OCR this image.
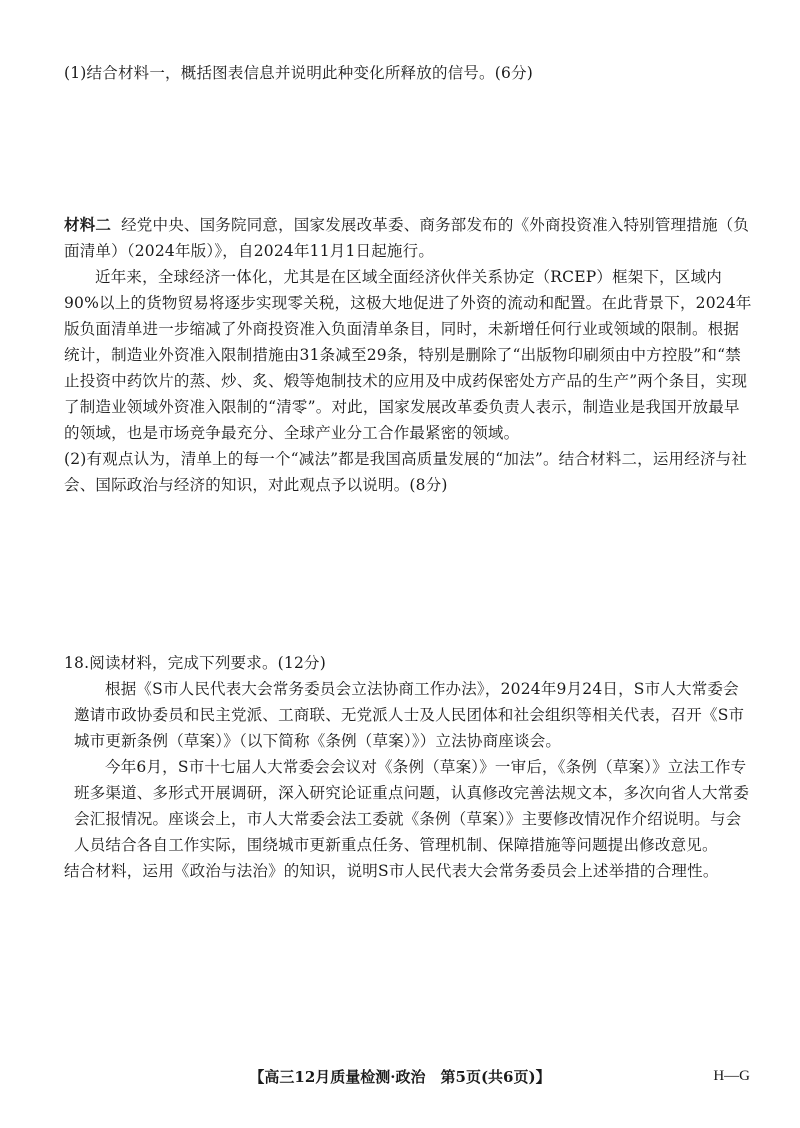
(1)结合材料一，概括图表信息并说明此种变化所释放的信号。(6分)

材料二 经党中央、国务院同意，国家发展改革委、商务部发布的《外商投资准入特别管理措施（负面清单）（2024年版）》，自2024年11月1日起施行。

近年来，全球经济一体化，尤其是在区域全面经济伙伴关系协定（RCEP）框架下，区域内90%以上的货物贸易将逐步实现零关税，这极大地促进了外资的流动和配置。在此背景下，2024年版负面清单进一步缩减了外商投资准入负面清单条目，同时，未新增任何行业或领域的限制。根据统计，制造业外资准入限制措施由31条减至29条，特别是删除了“出版物印刷须由中方控股”和“禁止投资中药饮片的蒸、炒、炙、煅等炮制技术的应用及中成药保密处方产品的生产”两个条目，实现了制造业领域外资准入限制的“清零”。对此，国家发展改革委负责人表示，制造业是我国开放最早的领域，也是市场竞争最充分、全球产业分工合作最紧密的领域。

(2)有观点认为，清单上的每一个“减法”都是我国高质量发展的“加法”。结合材料二，运用经济与社会、国际政治与经济的知识，对此观点予以说明。(8分)

18.阅读材料，完成下列要求。(12分)

根据《S市人民代表大会常务委员会立法协商工作办法》，2024年9月24日，S市人大常委会邀请市政协委员和民主党派、工商联、无党派人士及人民团体和社会组织等相关代表，召开《S市城市更新条例（草案）》（以下简称《条例（草案）》）立法协商座谈会。

今年6月，S市十七届人大常委会会议对《条例（草案）》一审后，《条例（草案）》立法工作专班多渠道、多形式开展调研，深入研究论证重点问题，认真修改完善法规文本，多次向省人大常委会汇报情况。座谈会上，市人大常委会法工委就《条例（草案）》主要修改情况作介绍说明。与会人员结合各自工作实际，围绕城市更新重点任务、管理机制、保障措施等问题提出修改意见。

结合材料，运用《政治与法治》的知识，说明S市人民代表大会常务委员会上述举措的合理性。

【高三12月质量检测·政治　第5页(共6页)】	H—G
